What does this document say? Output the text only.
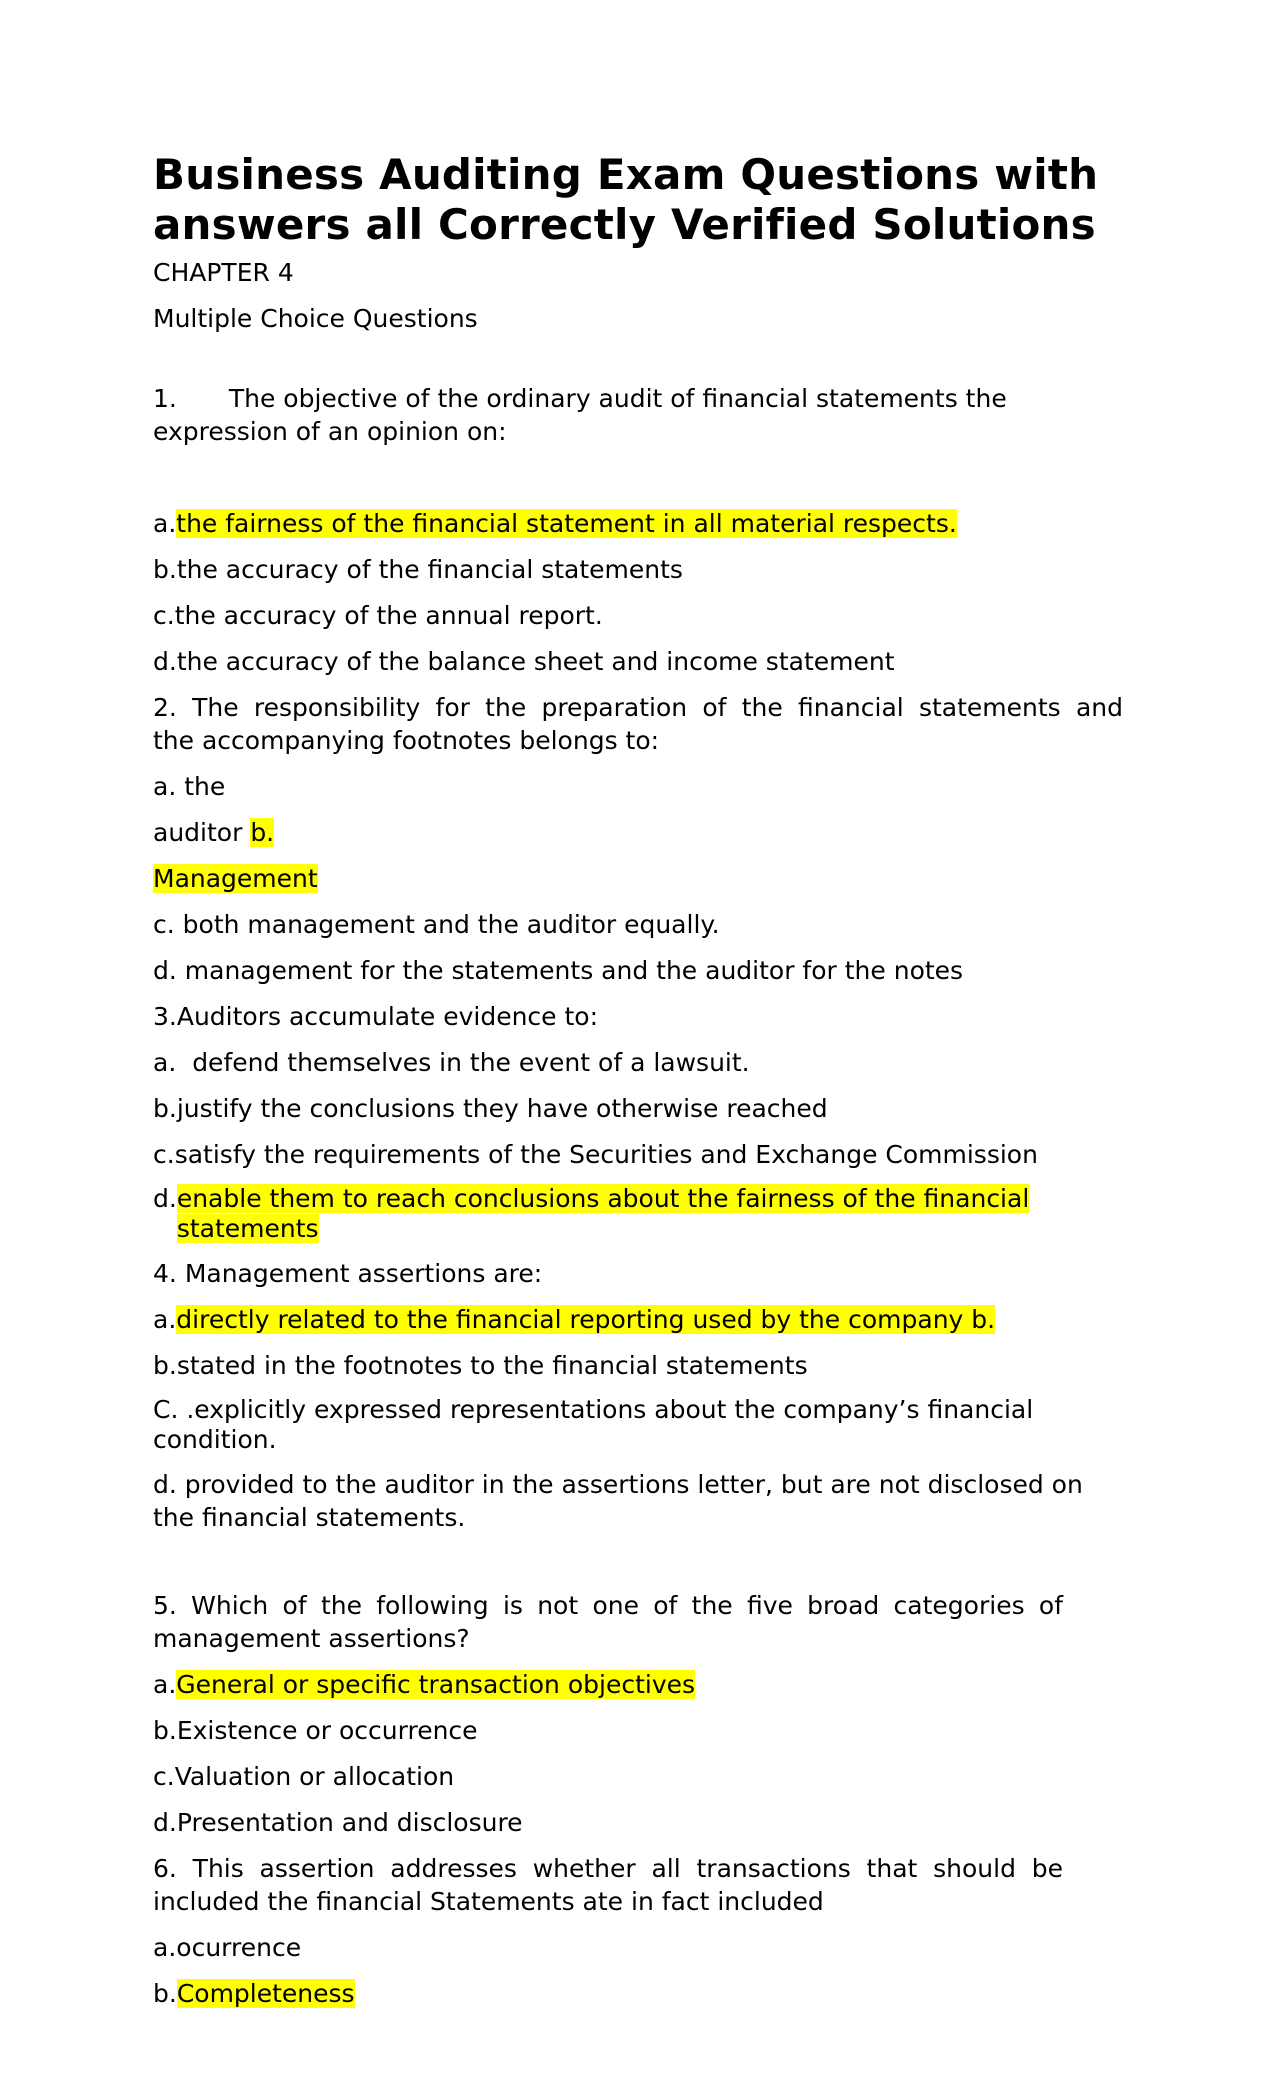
Business Auditing Exam Questions with
answers all Correctly Verified Solutions

CHAPTER 4

Multiple Choice Questions

1. The objective of the ordinary audit of financial statements the expression of an opinion on:
a. the fairness of the financial statement in all material respects.
b. the accuracy of the financial statements
c. the accuracy of the annual report.
d. the accuracy of the balance sheet and income statement

2. The responsibility for the preparation of the financial statements and

the accompanying footnotes belongs to:

a. the

auditor b.

Management

c.
both management and the auditor equally.
d.
management for the statements and the auditor for the notes
3. Auditors accumulate evidence to:
a.
defend themselves in the event of a lawsuit.
b. justify the conclusions they have otherwise reached
c. satisfy the requirements of the Securities and Exchange Commission
d. enable them to reach conclusions about the fairness of the financial
statements
4.
Management assertions are:
a. directly related to the financial reporting used by the company b.
b. stated in the footnotes to the financial statements

C. .explicitly expressed representations about the company’s financial condition.

d. provided to the auditor in the assertions letter, but are not disclosed on the financial statements.

5. Which of the following is not one of the five broad categories of

management assertions?

a. General or specific transaction objectives
b. Existence or occurrence
c. Valuation or allocation
d. Presentation and disclosure

6. This assertion addresses whether all transactions that should be

included the financial Statements ate in fact included

a. ocurrence
b. Completeness
